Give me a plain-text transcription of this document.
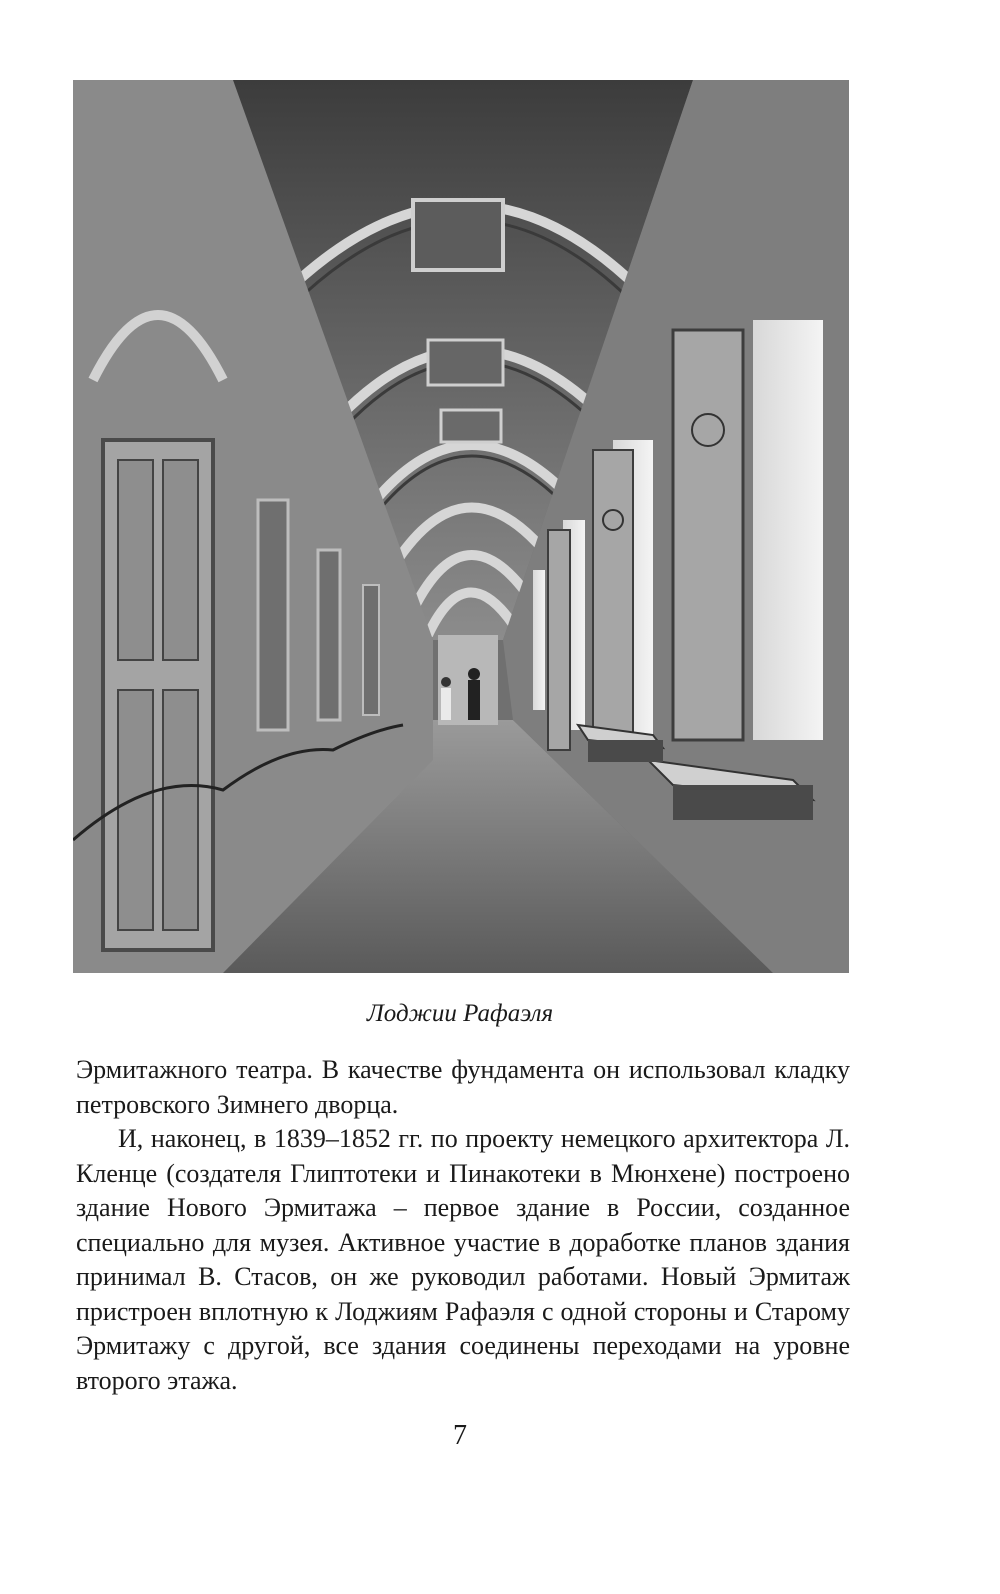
Лоджии Рафаэля

Эрмитажного театра. В качестве фундамента он использовал кладку петровского Зимнего дворца.

И, наконец, в 1839–1852 гг. по проекту немецкого архитектора Л. Кленце (создателя Глиптотеки и Пинакотеки в Мюнхене) построено здание Нового Эрмитажа – первое здание в России, созданное специально для музея. Активное участие в доработке планов здания принимал В. Стасов, он же руководил работами. Новый Эрмитаж пристроен вплотную к Лоджиям Рафаэля с одной стороны и Старому Эрмитажу с другой, все здания соединены переходами на уровне второго этажа.

7
